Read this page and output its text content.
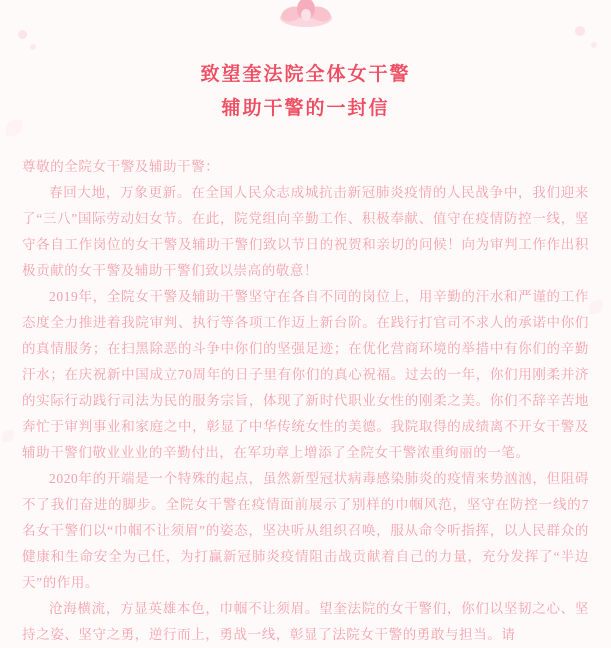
致望奎法院全体女干警
辅助干警的一封信

尊敬的全院女干警及辅助干警：

春回大地，万象更新。在全国人民众志成城抗击新冠肺炎疫情的人民战争中，我们迎来了“三八”国际劳动妇女节。在此，院党组向辛勤工作、积极奉献、值守在疫情防控一线，坚守各自工作岗位的女干警及辅助干警们致以节日的祝贺和亲切的问候！向为审判工作作出积极贡献的女干警及辅助干警们致以崇高的敬意！

2019年，全院女干警及辅助干警坚守在各自不同的岗位上，用辛勤的汗水和严谨的工作态度全力推进着我院审判、执行等各项工作迈上新台阶。在践行打官司不求人的承诺中你们的真情服务；在扫黑除恶的斗争中你们的坚强足迹；在优化营商环境的举措中有你们的辛勤汗水；在庆祝新中国成立70周年的日子里有你们的真心祝福。过去的一年，你们用刚柔并济的实际行动践行司法为民的服务宗旨，体现了新时代职业女性的刚柔之美。你们不辞辛苦地奔忙于审判事业和家庭之中，彰显了中华传统女性的美德。我院取得的成绩离不开女干警及辅助干警们敬业业业的辛勤付出，在军功章上增添了全院女干警浓重绚丽的一笔。

2020年的开端是一个特殊的起点，虽然新型冠状病毒感染肺炎的疫情来势汹汹，但阻碍不了我们奋进的脚步。全院女干警在疫情面前展示了别样的巾帼风范，坚守在防控一线的7名女干警们以“巾帼不让须眉”的姿态，坚决听从组织召唤，服从命令听指挥，以人民群众的健康和生命安全为己任，为打赢新冠肺炎疫情阻击战贡献着自己的力量，充分发挥了“半边天”的作用。

沧海横流，方显英雄本色，巾帼不让须眉。望奎法院的女干警们，你们以坚韧之心、坚持之姿、坚守之勇，逆行而上，勇战一线，彰显了法院女干警的勇敢与担当。请
